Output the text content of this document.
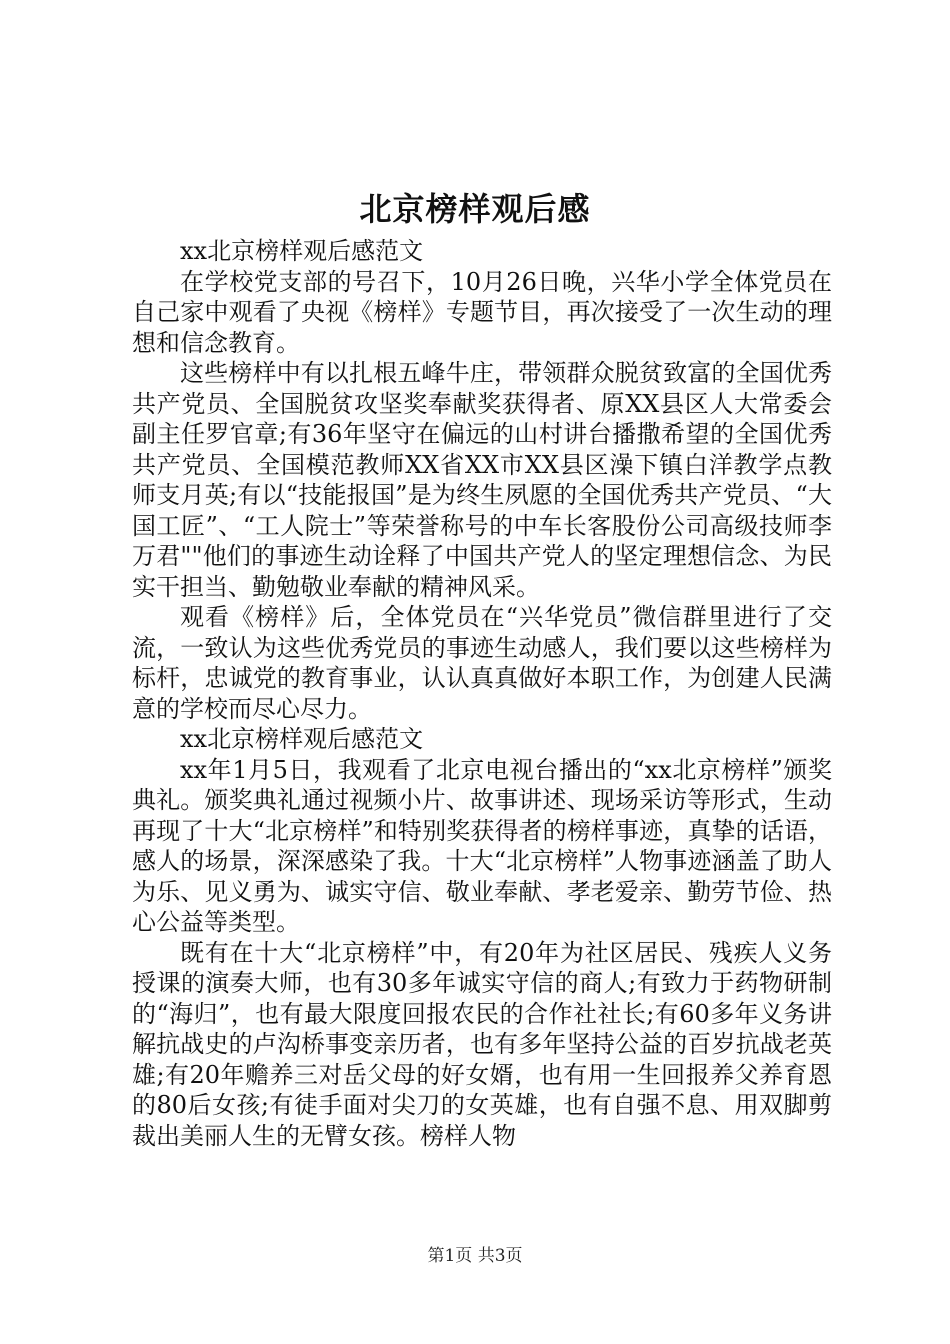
北京榜样观后感

xx北京榜样观后感范文

在学校党支部的号召下，10月26日晚，兴华小学全体党员在自己家中观看了央视《榜样》专题节目，再次接受了一次生动的理想和信念教育。

这些榜样中有以扎根五峰牛庄，带领群众脱贫致富的全国优秀共产党员、全国脱贫攻坚奖奉献奖获得者、原XX县区人大常委会副主任罗官章;有36年坚守在偏远的山村讲台播撒希望的全国优秀共产党员、全国模范教师XX省XX市XX县区澡下镇白洋教学点教师支月英;有以“技能报国”是为终生夙愿的全国优秀共产党员、“大国工匠”、“工人院士”等荣誉称号的中车长客股份公司高级技师李万君""他们的事迹生动诠释了中国共产党人的坚定理想信念、为民实干担当、勤勉敬业奉献的精神风采。

观看《榜样》后，全体党员在“兴华党员”微信群里进行了交流，一致认为这些优秀党员的事迹生动感人，我们要以这些榜样为标杆，忠诚党的教育事业，认认真真做好本职工作，为创建人民满意的学校而尽心尽力。

xx北京榜样观后感范文

xx年1月5日，我观看了北京电视台播出的“xx北京榜样”颁奖典礼。颁奖典礼通过视频小片、故事讲述、现场采访等形式，生动再现了十大“北京榜样”和特别奖获得者的榜样事迹，真挚的话语，感人的场景，深深感染了我。十大“北京榜样”人物事迹涵盖了助人为乐、见义勇为、诚实守信、敬业奉献、孝老爱亲、勤劳节俭、热心公益等类型。

既有在十大“北京榜样”中，有20年为社区居民、残疾人义务授课的演奏大师，也有30多年诚实守信的商人;有致力于药物研制的“海归”，也有最大限度回报农民的合作社社长;有60多年义务讲解抗战史的卢沟桥事变亲历者，也有多年坚持公益的百岁抗战老英雄;有20年赡养三对岳父母的好女婿，也有用一生回报养父养育恩的80后女孩;有徒手面对尖刀的女英雄，也有自强不息、用双脚剪裁出美丽人生的无臂女孩。榜样人物

第1页 共3页
